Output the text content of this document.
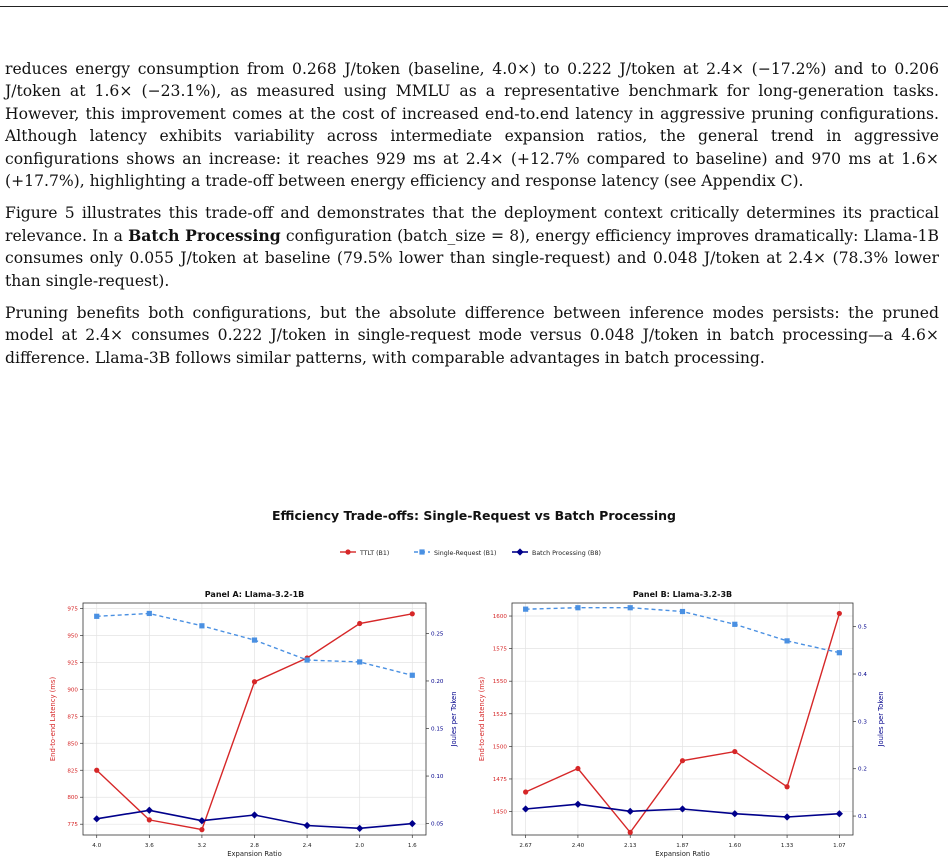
reduces energy consumption from 0.268 J/token (baseline, 4.0×) to 0.222 J/token at 2.4× (−17.2%) and to 0.206 J/token at 1.6× (−23.1%), as measured using MMLU as a representative benchmark for long-generation tasks. However, this improvement comes at the cost of increased end-to.end latency in aggressive pruning configurations. Although latency exhibits variability across intermediate expansion ratios, the general trend in aggressive configurations shows an increase: it reaches 929 ms at 2.4× (+12.7% compared to baseline) and 970 ms at 1.6× (+17.7%), highlighting a trade-off between energy efficiency and response latency (see Appendix C).

Figure 5 illustrates this trade-off and demonstrates that the deployment context critically determines its practical relevance. In a Batch Processing configuration (batch_size = 8), energy efficiency improves dramatically: Llama-1B consumes only 0.055 J/token at baseline (79.5% lower than single-request) and 0.048 J/token at 2.4× (78.3% lower than single-request).

Pruning benefits both configurations, but the absolute difference between inference modes persists: the pruned model at 2.4× consumes 0.222 J/token in single-request mode versus 0.048 J/token in batch processing—a 4.6× difference. Llama-3B follows similar patterns, with comparable advantages in batch processing.

Efficiency Trade-offs: Single-Request vs Batch Processing
TTLT (B1)	Single-Request (B1)	Batch Processing (B8)
Panel A: Llama-3.2-1B
4.0	3.6	3.2	2.8	2.4	2.0	1.6
Expansion Ratio
775
800
825
850
875
900
925
950
975
End-to-end Latency (ms)
0.05
0.10
0.15
0.20
0.25
Joules per Token
Panel B: Llama-3.2-3B
2.67	2.40	2.13	1.87	1.60	1.33	1.07
Expansion Ratio
1450
1475
1500
1525
1550
1575
1600
End-to-end Latency (ms)
0.1
0.2
0.3
0.4
0.5
Joules per Token
